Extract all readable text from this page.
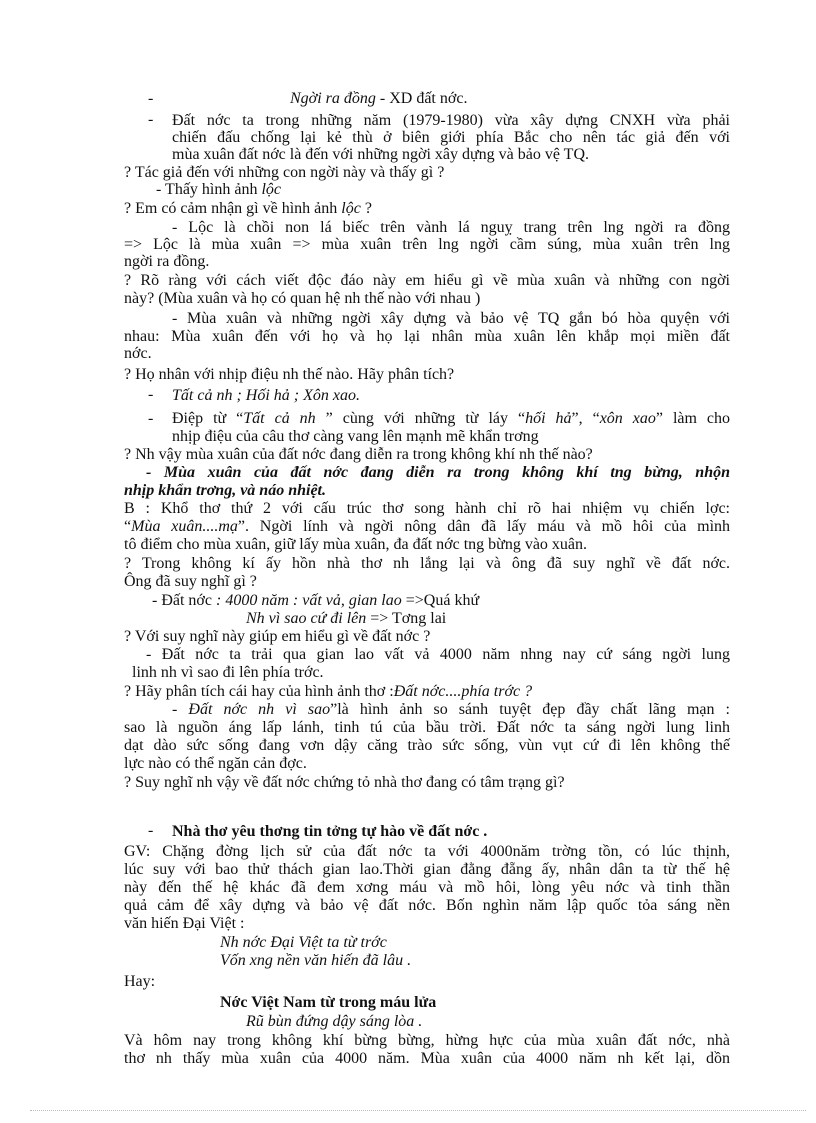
-
-
-
-
-
Ngời ra đồng - XD đất nớc.
Đất nớc ta trong những năm (1979-1980) vừa xây dựng CNXH vừa phải
chiến đấu chống lại kẻ thù ở biên giới phía Bắc cho nên tác giả đến với
mùa xuân đất nớc là đến với những ngời xây dựng và bảo vệ TQ.
? Tác giả đến với những con ngời này và thấy gì ?
- Thấy hình ảnh lộc
? Em có cảm nhận gì về hình ảnh lộc ?
- Lộc là chồi non lá biếc trên vành lá nguỵ trang trên lng ngời ra đồng
=> Lộc là mùa xuân => mùa xuân trên lng ngời cầm súng, mùa xuân trên lng
ngời ra đồng.
? Rõ ràng với cách viết độc đáo này em hiểu gì về mùa xuân và những con ngời
này? (Mùa xuân và họ có quan hệ nh thế nào với nhau )
- Mùa xuân và những ngời xây dựng và bảo vệ TQ gắn bó hòa quyện với
nhau: Mùa xuân đến với họ và họ lại nhân mùa xuân lên khắp mọi miền đất
nớc.
? Họ nhân với nhịp điệu nh thế nào. Hãy phân tích?
Tất cả nh ; Hối hả ; Xôn xao.
Điệp từ “Tất cả nh ” cùng với những từ láy “hối hả”, “xôn xao” làm cho
nhịp điệu của câu thơ càng vang lên mạnh mẽ khẩn trơng
? Nh vậy mùa xuân của đất nớc đang diễn ra trong không khí nh thế nào?
- Mùa xuân của đất nớc đang diễn ra trong không khí tng bừng, nhộn
nhịp khẩn trơng, và náo nhiệt.
B : Khổ thơ thứ 2 với cấu trúc thơ song hành chỉ rõ hai nhiệm vụ chiến lợc:
“Mùa xuân....mạ”. Ngời lính và ngời nông dân đã lấy máu và mồ hôi của mình
tô điểm cho mùa xuân, giữ lấy mùa xuân, đa đất nớc tng bừng vào xuân.
? Trong không kí ấy hồn nhà thơ nh lắng lại và ông đã suy nghĩ về đất nớc.
Ông đã suy nghĩ gì ?
- Đất nớc : 4000 năm : vất vả, gian lao =>Quá khứ
Nh vì sao cứ đi lên => Tơng lai
? Với suy nghĩ này giúp em hiểu gì về đất nớc ?
- Đất nớc ta trải qua gian lao vất vả 4000 năm nhng nay cứ sáng ngời lung
linh nh vì sao đi lên phía trớc.
? Hãy phân tích cái hay của hình ảnh thơ :Đất nớc....phía trớc ?
- Đất nớc nh vì sao”là hình ảnh so sánh tuyệt đẹp đầy chất lãng mạn :
sao là nguồn áng lấp lánh, tinh tú của bầu trời. Đất nớc ta sáng ngời lung linh
dạt dào sức sống đang vơn dậy căng trào sức sống, vùn vụt cứ đi lên không thế
lực nào có thể ngăn cản đợc.
? Suy nghĩ nh vậy về đất nớc chứng tỏ nhà thơ đang có tâm trạng gì?
Nhà thơ yêu thơng tin tởng tự hào về đất nớc .
GV: Chặng đờng lịch sử của đất nớc ta với 4000năm trờng tồn, có lúc thịnh,
lúc suy với bao thử thách gian lao.Thời gian đằng đẵng ấy, nhân dân ta từ thế hệ
này đến thế hệ khác đã đem xơng máu và mồ hôi, lòng yêu nớc và tinh thần
quả cảm để xây dựng và bảo vệ đất nớc. Bốn nghìn năm lập quốc tỏa sáng nền
văn hiến Đại Việt :
Nh nớc Đại Việt ta từ trớc
Vốn xng nền văn hiến đã lâu .
Hay:
Nớc Việt Nam từ trong máu lửa
Rũ bùn đứng dậy sáng lòa .
Và hôm nay trong không khí bừng bừng, hừng hực của mùa xuân đất nớc, nhà
thơ nh thấy mùa xuân của 4000 năm. Mùa xuân của 4000 năm nh kết lại, dồn
